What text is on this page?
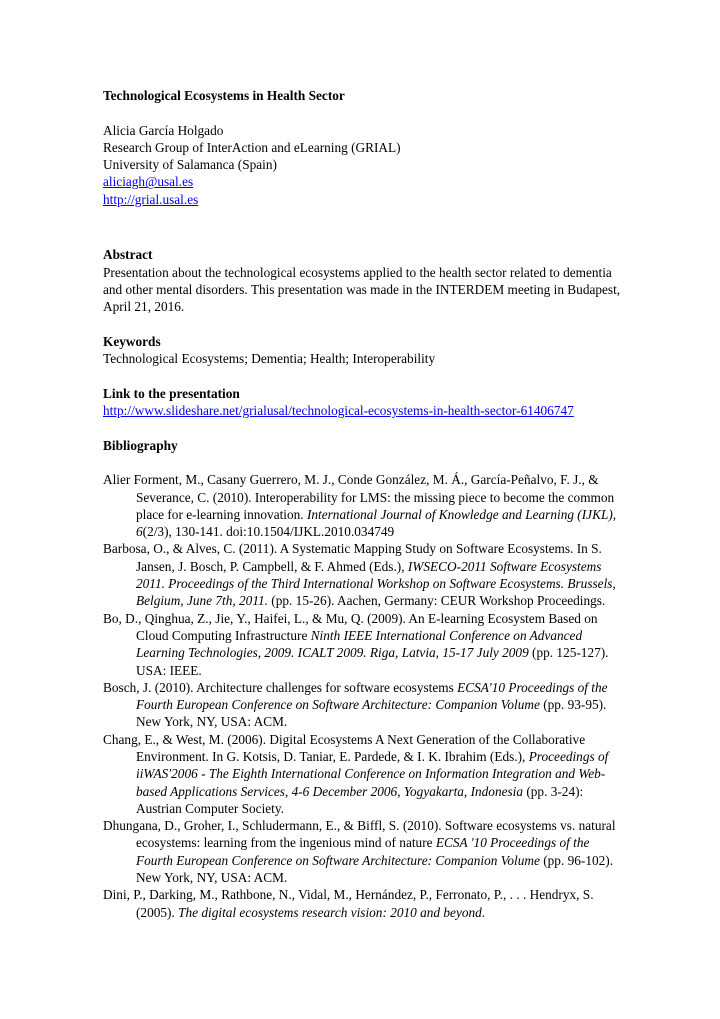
Technological Ecosystems in Health Sector
Alicia García Holgado
Research Group of InterAction and eLearning (GRIAL)
University of Salamanca (Spain)
aliciagh@usal.es
http://grial.usal.es
Abstract
Presentation about the technological ecosystems applied to the health sector related to dementia and other mental disorders. This presentation was made in the INTERDEM meeting in Budapest, April 21, 2016.
Keywords
Technological Ecosystems; Dementia; Health; Interoperability
Link to the presentation
http://www.slideshare.net/grialusal/technological-ecosystems-in-health-sector-61406747
Bibliography
Alier Forment, M., Casany Guerrero, M. J., Conde González, M. Á., García-Peñalvo, F. J., & Severance, C. (2010). Interoperability for LMS: the missing piece to become the common place for e-learning innovation. International Journal of Knowledge and Learning (IJKL), 6(2/3), 130-141. doi:10.1504/IJKL.2010.034749
Barbosa, O., & Alves, C. (2011). A Systematic Mapping Study on Software Ecosystems. In S. Jansen, J. Bosch, P. Campbell, & F. Ahmed (Eds.), IWSECO-2011 Software Ecosystems 2011. Proceedings of the Third International Workshop on Software Ecosystems. Brussels, Belgium, June 7th, 2011. (pp. 15-26). Aachen, Germany: CEUR Workshop Proceedings.
Bo, D., Qinghua, Z., Jie, Y., Haifei, L., & Mu, Q. (2009). An E-learning Ecosystem Based on Cloud Computing Infrastructure Ninth IEEE International Conference on Advanced Learning Technologies, 2009. ICALT 2009. Riga, Latvia, 15-17 July 2009 (pp. 125-127). USA: IEEE.
Bosch, J. (2010). Architecture challenges for software ecosystems ECSA'10 Proceedings of the Fourth European Conference on Software Architecture: Companion Volume (pp. 93-95). New York, NY, USA: ACM.
Chang, E., & West, M. (2006). Digital Ecosystems A Next Generation of the Collaborative Environment. In G. Kotsis, D. Taniar, E. Pardede, & I. K. Ibrahim (Eds.), Proceedings of iiWAS'2006 - The Eighth International Conference on Information Integration and Web-based Applications Services, 4-6 December 2006, Yogyakarta, Indonesia (pp. 3-24): Austrian Computer Society.
Dhungana, D., Groher, I., Schludermann, E., & Biffl, S. (2010). Software ecosystems vs. natural ecosystems: learning from the ingenious mind of nature ECSA '10 Proceedings of the Fourth European Conference on Software Architecture: Companion Volume (pp. 96-102). New York, NY, USA: ACM.
Dini, P., Darking, M., Rathbone, N., Vidal, M., Hernández, P., Ferronato, P., . . . Hendryx, S. (2005). The digital ecosystems research vision: 2010 and beyond.
